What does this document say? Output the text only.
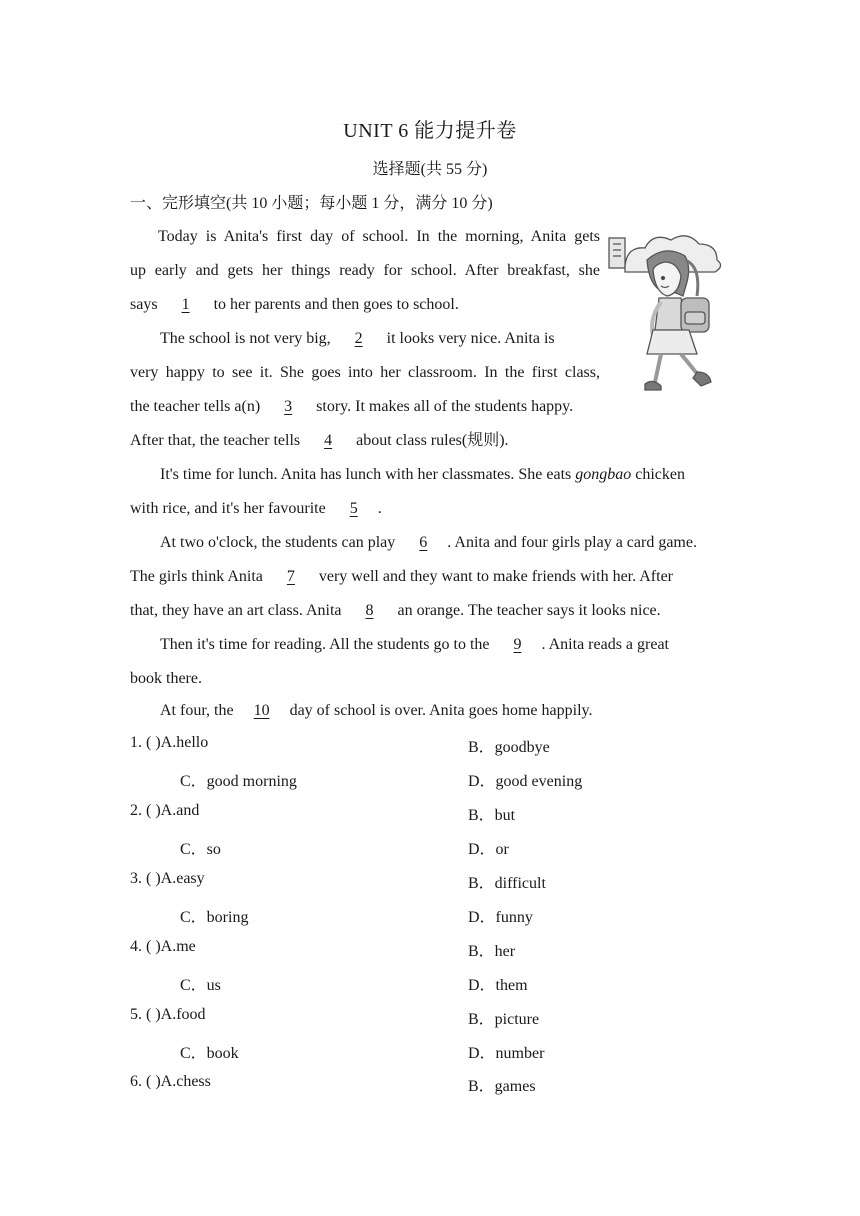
UNIT 6 能力提升卷
选择题(共 55 分)
一、完形填空(共 10 小题；每小题 1 分，满分 10 分)
Today is Anita's first day of school. In the morning, Anita gets
up early and gets her things ready for school. After breakfast, she
says 1 to her parents and then goes to school.
The school is not very big, 2 it looks very nice. Anita is
very happy to see it. She goes into her classroom. In the first class,
the teacher tells a(n) 3 story. It makes all of the students happy.
After that, the teacher tells 4 about class rules(规则).
It's time for lunch. Anita has lunch with her classmates. She eats gongbao chicken
with rice, and it's her favourite 5 .
At two o'clock, the students can play 6 . Anita and four girls play a card game.
The girls think Anita 7 very well and they want to make friends with her. After
that, they have an art class. Anita 8 an orange. The teacher says it looks nice.
Then it's time for reading. All the students go to the 9 . Anita reads a great
book there.
At four, the 10 day of school is over. Anita goes home happily.
1. ( )A.hello	B．goodbye
C．good morning	D．good evening
2. ( )A.and	B．but
C．so	D．or
3. ( )A.easy	B．difficult
C．boring	D．funny
4. ( )A.me	B．her
C．us	D．them
5. ( )A.food	B．picture
C．book	D．number
6. ( )A.chess	B．games
